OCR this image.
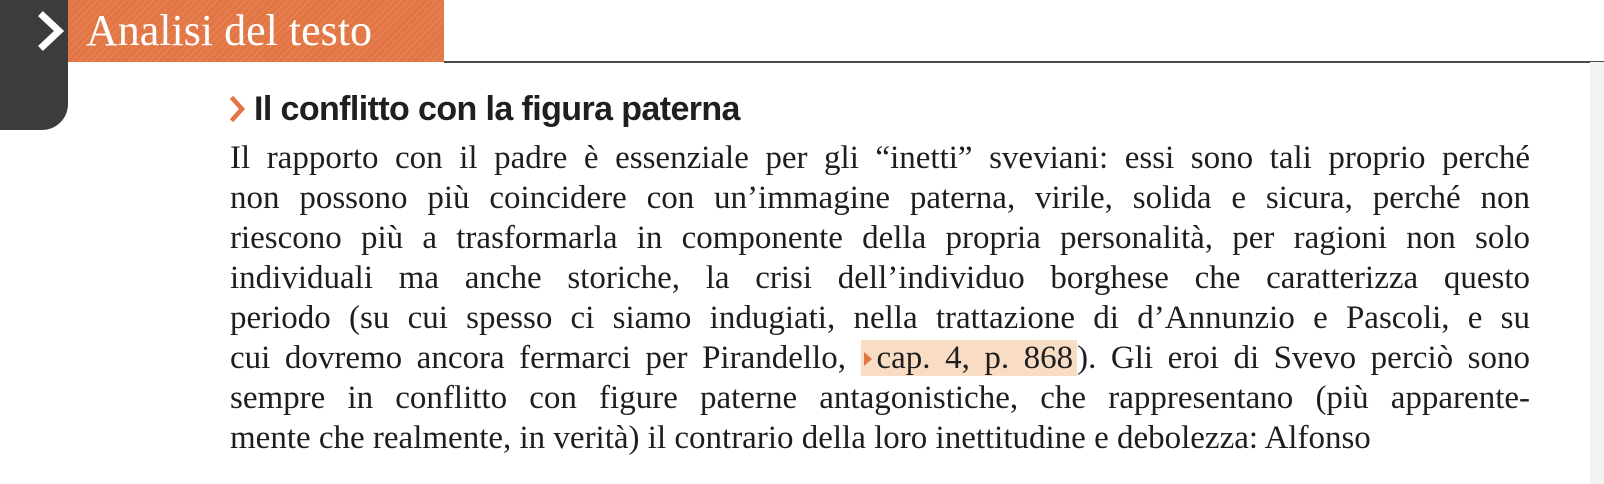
Analisi del testo
Il conflitto con la figura paterna
Il rapporto con il padre è essenziale per gli “inetti” sveviani: essi sono tali proprio perché
non possono più coincidere con un’immagine paterna, virile, solida e sicura, perché non
riescono più a trasformarla in componente della propria personalità, per ragioni non solo
individuali ma anche storiche, la crisi dell’individuo borghese che caratterizza questo
periodo (su cui spesso ci siamo indugiati, nella trattazione di d’Annunzio e Pascoli, e su
cui dovremo ancora fermarci per Pirandello, cap. 4, p. 868 ). Gli eroi di Svevo perciò sono
sempre in conflitto con figure paterne antagonistiche, che rappresentano (più apparente-
mente che realmente, in verità) il contrario della loro inettitudine e debolezza: Alfonso
